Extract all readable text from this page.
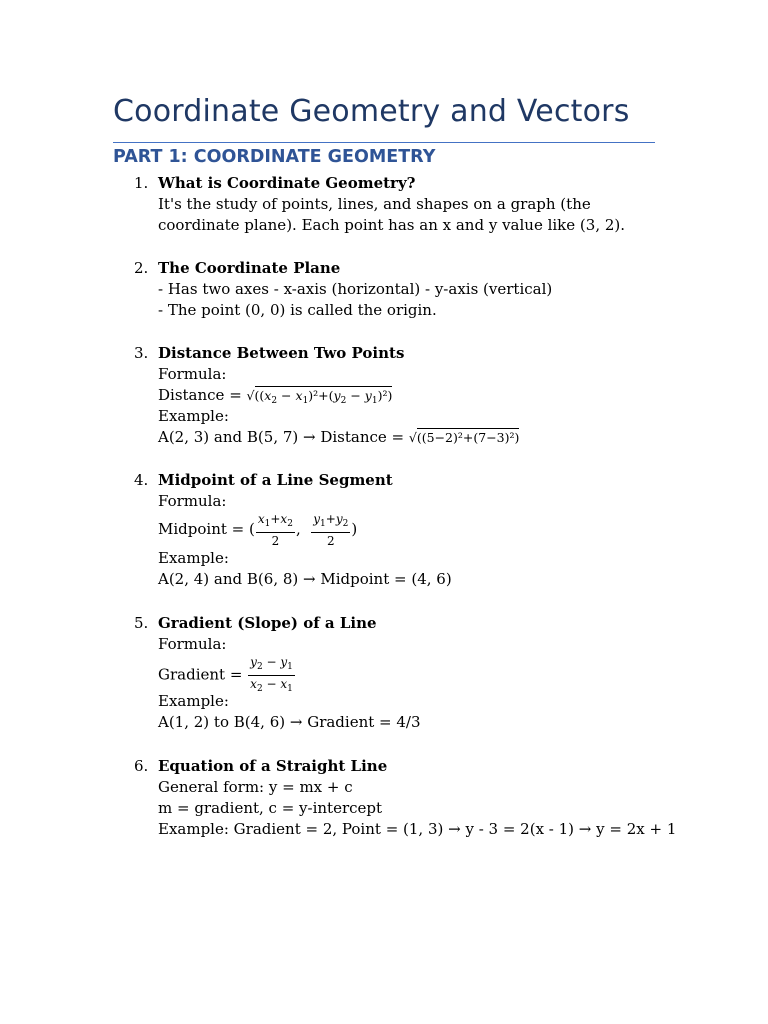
Coordinate Geometry and Vectors
PART 1: COORDINATE GEOMETRY
1. What is Coordinate Geometry?
It's the study of points, lines, and shapes on a graph (the
coordinate plane). Each point has an x and y value like (3, 2).
2. The Coordinate Plane
- Has two axes - x-axis (horizontal) - y-axis (vertical)
- The point (0, 0) is called the origin.
3. Distance Between Two Points
Formula:
Distance = $√((x_2 - x_1)^2+(y_2 - y_1)^2)$
Example:
A(2, 3) and B(5, 7) → Distance = √((5−2)²+(7−3)²)
4. Midpoint of a Line Segment
Formula:
Midpoint = ( $\frac{x_1+x_2}{2}$ , $\frac{y_1+y_2}{2}$ )
Example:
A(2, 4) and B(6, 8) → Midpoint = (4, 6)
5. Gradient (Slope) of a Line
Formula:
Gradient = $\frac{y_2 - y_1}{x_2 - x_1}$
Example:
A(1, 2) to B(4, 6) → Gradient = 4/3
6. Equation of a Straight Line
General form: y = mx + c
m = gradient, c = y-intercept
Example: Gradient = 2, Point = (1, 3) → y - 3 = 2(x - 1) → y = 2x + 1
